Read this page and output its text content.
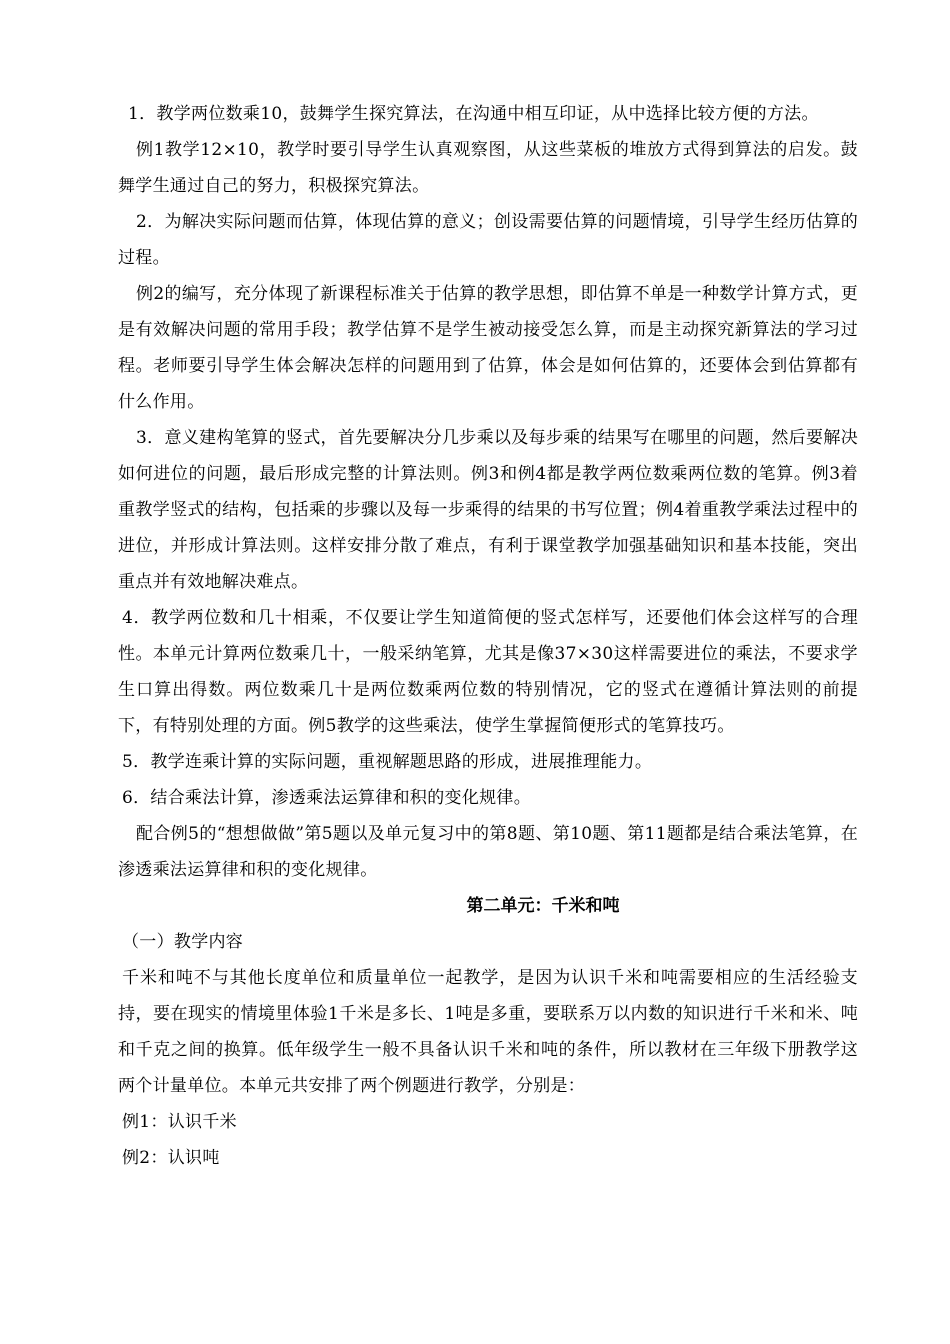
1．教学两位数乘10，鼓舞学生探究算法，在沟通中相互印证，从中选择比较方便的方法。

例1教学12×10，教学时要引导学生认真观察图，从这些菜板的堆放方式得到算法的启发。鼓舞学生通过自己的努力，积极探究算法。

2．为解决实际问题而估算，体现估算的意义；创设需要估算的问题情境，引导学生经历估算的过程。

例2的编写，充分体现了新课程标准关于估算的教学思想，即估算不单是一种数学计算方式，更是有效解决问题的常用手段；教学估算不是学生被动接受怎么算，而是主动探究新算法的学习过程。老师要引导学生体会解决怎样的问题用到了估算，体会是如何估算的，还要体会到估算都有什么作用。

3．意义建构笔算的竖式，首先要解决分几步乘以及每步乘的结果写在哪里的问题，然后要解决如何进位的问题，最后形成完整的计算法则。例3和例4都是教学两位数乘两位数的笔算。例3着重教学竖式的结构，包括乘的步骤以及每一步乘得的结果的书写位置；例4着重教学乘法过程中的进位，并形成计算法则。这样安排分散了难点，有利于课堂教学加强基础知识和基本技能，突出重点并有效地解决难点。

4．教学两位数和几十相乘，不仅要让学生知道简便的竖式怎样写，还要他们体会这样写的合理性。本单元计算两位数乘几十，一般采纳笔算，尤其是像37×30这样需要进位的乘法，不要求学生口算出得数。两位数乘几十是两位数乘两位数的特别情况，它的竖式在遵循计算法则的前提下，有特别处理的方面。例5教学的这些乘法，使学生掌握简便形式的笔算技巧。

5．教学连乘计算的实际问题，重视解题思路的形成，进展推理能力。

6．结合乘法计算，渗透乘法运算律和积的变化规律。

配合例5的“想想做做”第5题以及单元复习中的第8题、第10题、第11题都是结合乘法笔算，在渗透乘法运算律和积的变化规律。

第二单元：千米和吨

（一）教学内容

千米和吨不与其他长度单位和质量单位一起教学，是因为认识千米和吨需要相应的生活经验支持，要在现实的情境里体验1千米是多长、1吨是多重，要联系万以内数的知识进行千米和米、吨和千克之间的换算。低年级学生一般不具备认识千米和吨的条件，所以教材在三年级下册教学这两个计量单位。本单元共安排了两个例题进行教学，分别是：

例1：认识千米

例2：认识吨
